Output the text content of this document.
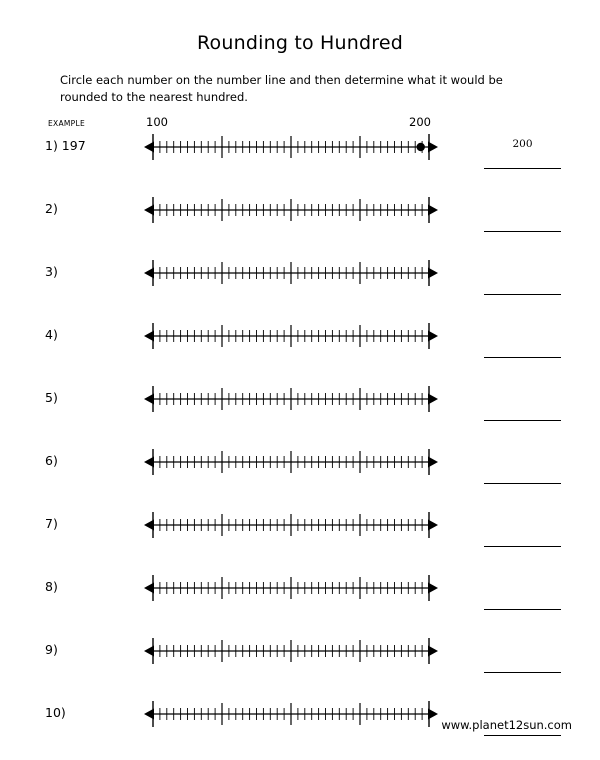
Rounding to Hundred

Circle each number on the number line and then determine what it would be rounded to the nearest hundred.

EXAMPLE	100	200
1) 197	200
2)
3)
4)
5)
6)
7)
8)
9)
10)
www.planet12sun.com
